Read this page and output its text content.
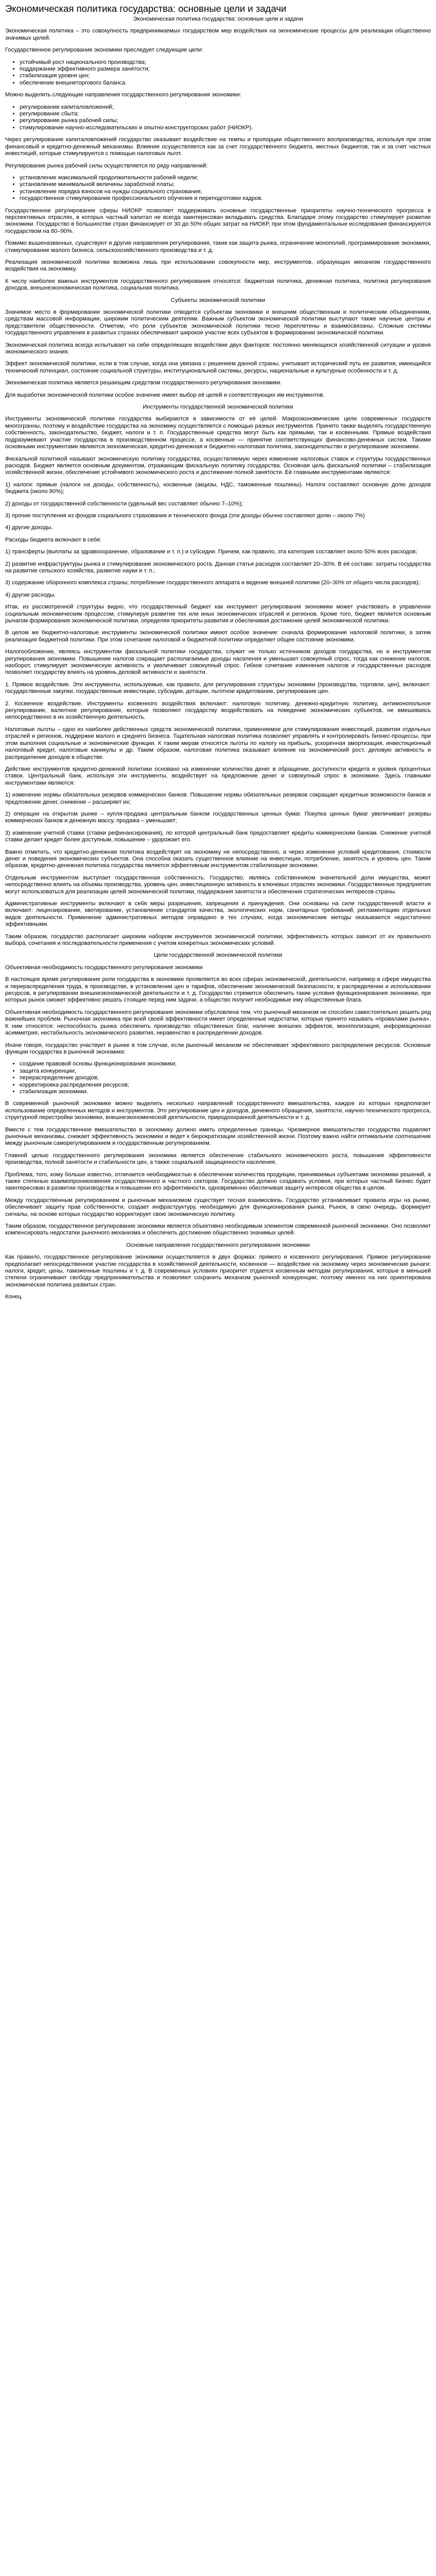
Экономическая политика государства: основные цели и задачи

Экономическая политика государства: основные цели и задачи

Экономическая политика – это совокупность предпринимаемых государством мер воздействия на экономические процессы для реализации общественно значимых целей.

Государственное регулирование экономики преследует следующие цели:

• устойчивый рост национального производства;
• поддержание эффективного размера занятости;
• стабилизация уровня цен;
• обеспечение внешнеторгового баланса.

Можно выделить следующие направления государственного регулирования экономики:

• регулирование капиталовложений;
• регулирование сбыта;
• регулирование рынка рабочей силы;
• стимулирование научно-исследовательских и опытно-конструкторских работ (НИОКР).

Через регулирование капиталовложений государство оказывает воздействие на темпы и пропорции общественного воспроизводства, используя при этом финансовый и кредитно-денежный механизмы. Влияние осуществляется как за счет государственного бюджета, местных бюджетов, так и за счет частных инвестиций, которые стимулируются с помощью налоговых льгот.

Регулирование рынка рабочей силы осуществляется по ряду направлений:

• установление максимальной продолжительности рабочей недели;
• установление минимальной величины заработной платы;
• установление порядка взносов на нужды социального страхования;
• государственное стимулирование профессионального обучения и переподготовки кадров.

Государственное регулирование сферы НИОКР позволяет поддерживать основные государственные приоритеты научно-технического прогресса в перспективных отраслях, в которых частный капитал не всегда заинтересован вкладывать средства. Благодаря этому государство стимулирует развитие экономики. Государство в большинстве стран финансирует от 30 до 50% общих затрат на НИОКР, при этом фундаментальные исследования финансируются государством на 80–90%.

Помимо вышеназванных, существуют и другие направления регулирования, такие как защита рынка, ограничение монополий, программирование экономики, стимулирование малого бизнеса, сельскохозяйственного производства и т. д.

Реализация экономической политики возможна лишь при использовании совокупности мер, инструментов, образующих механизм государственного воздействия на экономику.

К числу наиболее важных инструментов государственного регулирования относятся: бюджетная политика, денежная политика, политика регулирования доходов, внешнеэкономическая политика, социальная политика.

Субъекты экономической политики

Значимое место в формировании экономической политики отводится субъектам экономики и внешним общественным и политическим объединениям, средствам массовой информации, широким политическим деятелям. Важным субъектом экономической политики выступают также научные центры и представители общественности. Отметим, что роли субъектов экономической политики тесно переплетены и взаимосвязаны. Сложные системы государственного управления в развитых странах обеспечивают широкое участие всех субъектов в формировании экономической политики.

Экономическая политика всегда испытывает на себе определяющее воздействие двух факторов: постоянно меняющихся хозяйственной ситуации и уровня экономического знания.

Эффект экономической политики, если в том случае, когда она увязана с решением данной страны, учитывает исторический путь ее развития, имеющийся технический потенциал, состояние социальной структуры, институциональной системы, ресурсы, национальные и культурные особенности и т. д.

Экономическая политика является решающим средством государственного регулирования экономики.

Для выработки экономической политики особое значение имеет выбор её целей и соответствующих им инструментов.

Инструменты государственной экономической политики

Инструменты экономической политики государства выбираются в зависимости от её целей. Макроэкономические цели современных государств многогранны, поэтому и воздействие государства на экономику осуществляется с помощью разных инструментов. Принято также выделять государственную собственность, законодательство, бюджет, налоги и т. п. Государственные средства могут быть как прямыми, так и косвенными. Прямые воздействия подразумевают участие государства в производственном процессе, а косвенные — принятие соответствующих финансово-денежных систем. Такими основными инструментами являются экономическая, кредитно-денежная и бюджетно-налоговая политика, законодательство и регулирование экономики.

Фискальной политикой называют экономическую политику государства, осуществляемую через изменение налоговых ставок и структуры государственных расходов. Бюджет является основным документом, отражающим фискальную политику государства. Основная цель фискальной политики – стабилизация хозяйственной жизни, обеспечение устойчивого экономического роста и достижение полной занятости. Её главными инструментами являются:

1) налоги: прямые (налоги на доходы, собственность), косвенные (акцизы, НДС, таможенные пошлины). Налоги составляют основную долю доходов бюджета (около 80%);

2) доходы от государственной собственности (удельный вес составляет обычно 7–10%);

3) прочие поступления из фондов социального страхования и технического фонда (эти доходы обычно составляют долю – около 7%)

4) другие доходы.

Расходы бюджета включают в себя:

1) трансферты (выплаты за здравоохранение, образование и т. п.) и субсидии. Причем, как правило, эта категория составляет около 50% всех расходов;

2) развитие инфраструктуры рынка и стимулирование экономического роста. Данная статья расходов составляет 20–30%. В её составе: затраты государства на развитие сельского хозяйства, развитие науки и т. п.;

3) содержание оборонного комплекса страны; потребление государственного аппарата и ведение внешней политики (20–30% от общего числа расходов);

4) другие расходы.

Итак, из рассмотренной структуры видно, что государственный бюджет как инструмент регулирования экономики может участвовать в управлении социальным экономическим процессом, стимулируя развитие тех или иных экономических отраслей и регионов. Кроме того, бюджет является основным рычагом формирования экономической политики, определяя приоритеты развития и обеспечивая достижение целей экономической политики.

В целом же бюджетно-налоговые инструменты экономической политики имеют особое значение: сначала формирование налоговой политики, а затем реализация бюджетной политики. При этом сочетание налоговой и бюджетной политики определяет общее состояние экономики.

Налогообложение, являясь инструментом фискальной политики государства, служит не только источником доходов государства, но и инструментом регулирования экономики. Повышение налогов сокращает располагаемые доходы населения и уменьшает совокупный спрос, тогда как снижение налогов, наоборот, стимулирует экономическую активность и увеличивает совокупный спрос. Гибкое сочетание изменения налогов и государственных расходов позволяет государству влиять на уровень деловой активности и занятости.

1. Прямое воздействие. Эти инструменты, используемые, как правило, для регулирования структуры экономики (производства, торговли, цен), включают: государственные закупки, государственные инвестиции, субсидии, дотации, льготное кредитование, регулирование цен.

2. Косвенное воздействие. Инструменты косвенного воздействия включают: налоговую политику, денежно-кредитную политику, антимонопольное регулирование, валютное регулирование, которые позволяют государству воздействовать на поведение экономических субъектов, не вмешиваясь непосредственно в их хозяйственную деятельность.

Налоговые льготы – одно из наиболее действенных средств экономической политики, применяемое для стимулирования инвестиций, развития отдельных отраслей и регионов, поддержки малого и среднего бизнеса. Тщательная налоговая политика позволяет управлять и контролировать бизнес-процессы, при этом выполняя социальные и экономические функции. К таким мерам относятся льготы по налогу на прибыль, ускоренная амортизация, инвестиционный налоговый кредит, налоговые каникулы и др. Таким образом, налоговая политика оказывает влияние на экономический рост, деловую активность и распределение доходов в обществе.

Действие инструментов кредитно-денежной политики основано на изменении количества денег в обращении, доступности кредита и уровня процентных ставок. Центральный банк, используя эти инструменты, воздействует на предложение денег и совокупный спрос в экономике. Здесь главными инструментами являются:

1) изменение нормы обязательных резервов коммерческих банков. Повышение нормы обязательных резервов сокращает кредитные возможности банков и предложение денег, снижение – расширяет их;

2) операции на открытом рынке – купля-продажа центральным банком государственных ценных бумаг. Покупка ценных бумаг увеличивает резервы коммерческих банков и денежную массу, продажа – уменьшает;

3) изменение учетной ставки (ставки рефинансирования), по которой центральный банк предоставляет кредиты коммерческим банкам. Снижение учетной ставки делает кредит более доступным, повышение – удорожает его.

Важно отметить, что кредитно-денежная политика воздействует на экономику не непосредственно, а через изменение условий кредитования, стоимости денег и поведения экономических субъектов. Она способна оказать существенное влияние на инвестиции, потребление, занятость и уровень цен. Таким образом, кредитно-денежная политика государства является эффективным инструментом стабилизации экономики.

Отдельным инструментом выступает государственная собственность. Государство, являясь собственником значительной доли имущества, может непосредственно влиять на объемы производства, уровень цен, инвестиционную активность в ключевых отраслях экономики. Государственные предприятия могут использоваться для реализации целей экономической политики, поддержания занятости и обеспечения стратегических интересов страны.

Административные инструменты включают в себя меры разрешения, запрещения и принуждения. Они основаны на силе государственной власти и включают: лицензирование, квотирование, установление стандартов качества, экологических норм, санитарных требований, регламентацию отдельных видов деятельности. Применение административных методов оправдано в тех случаях, когда экономические методы оказываются недостаточно эффективными.

Таким образом, государство располагает широким набором инструментов экономической политики, эффективность которых зависит от их правильного выбора, сочетания и последовательности применения с учетом конкретных экономических условий.

Цели государственной экономической политики

Объективная необходимость государственного регулирования экономики

В настоящее время регулирование роли государства в экономике проявляется во всех сферах экономической, деятельности, например в сфере имущества и перераспределения труда, в производстве, в установлении цен и тарифов, обеспечении экономической безопасности, в распределении и использовании ресурсов, в регулировании внешнеэкономической деятельности и т. д. Государство стремится обеспечить такие условия функционирования экономики, при которых рынок сможет эффективно решать стоящие перед ним задачи, а общество получит необходимые ему общественные блага.

Объективная необходимость государственного регулирования экономики обусловлена тем, что рыночный механизм не способен самостоятельно решить ряд важнейших проблем. Рыночная экономика при всей своей эффективности имеет определенные недостатки, которые принято называть «провалами рынка». К ним относятся: неспособность рынка обеспечить производство общественных благ, наличие внешних эффектов, монополизация, информационная асимметрия, нестабильность экономического развития, неравенство в распределении доходов.

Иначе говоря, государство участвует в рынке в том случае, если рыночный механизм не обеспечивает эффективного распределения ресурсов. Основные функции государства в рыночной экономике:

• создание правовой основы функционирования экономики;
• защита конкуренции;
• перераспределение доходов;
• корректировка распределения ресурсов;
• стабилизация экономики.

В современной рыночной экономике можно выделить несколько направлений государственного вмешательства, каждое из которых предполагает использование определенных методов и инструментов. Это регулирование цен и доходов, денежного обращения, занятости, научно-технического прогресса, структурной перестройки экономики, внешнеэкономической деятельности, природоохранной деятельности и т. д.

Вместе с тем государственное вмешательство в экономику должно иметь определенные границы. Чрезмерное вмешательство государства подавляет рыночные механизмы, снижает эффективность экономики и ведет к бюрократизации хозяйственной жизни. Поэтому важно найти оптимальное соотношение между рыночным саморегулированием и государственным регулированием.

Главной целью государственного регулирования экономики является обеспечение стабильного экономического роста, повышение эффективности производства, полной занятости и стабильности цен, а также социальной защищенности населения.

Проблема, того, кому больше известно, отличается необходимостью в обеспечении количества продукции, принимаемых субъектами экономики решений, а также степенью взаимопроникновения государственного и частного секторов. Государство должно создавать условия, при которых частный бизнес будет заинтересован в развитии производства и повышении его эффективности, одновременно обеспечивая защиту интересов общества в целом.

Между государственным регулированием и рыночным механизмом существует тесная взаимосвязь. Государство устанавливает правила игры на рынке, обеспечивает защиту прав собственности, создает инфраструктуру, необходимую для функционирования рынка. Рынок, в свою очередь, формирует сигналы, на основе которых государство корректирует свою экономическую политику.

Таким образом, государственное регулирование экономики является объективно необходимым элементом современной рыночной экономики. Оно позволяет компенсировать недостатки рыночного механизма и обеспечить достижение общественно значимых целей.

Основные направления государственного регулирования экономики

Как правило, государственное регулирование экономики осуществляется в двух формах: прямого и косвенного регулирования. Прямое регулирование предполагает непосредственное участие государства в хозяйственной деятельности, косвенное — воздействие на экономику через экономические рычаги: налоги, кредит, цены, таможенные пошлины и т. д. В современных условиях приоритет отдается косвенным методам регулирования, которые в меньшей степени ограничивают свободу предпринимательства и позволяют сохранить механизм рыночной конкуренции, поэтому именно на них ориентирована экономическая политика развитых стран.

Конец
